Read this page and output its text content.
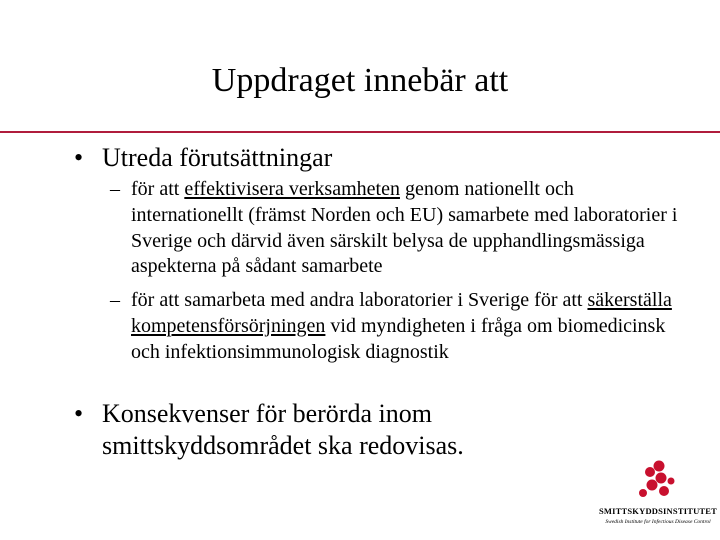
Uppdraget innebär att
• Utreda förutsättningar
– för att effektivisera verksamheten genom nationellt och internationellt (främst Norden och EU) samarbete med laboratorier i Sverige och därvid även särskilt belysa de upphandlingsmässiga aspekterna på sådant samarbete
– för att samarbeta med andra laboratorier i Sverige för att säkerställa kompetensförsörjningen vid myndigheten i fråga om biomedicinsk och infektionsimmunologisk diagnostik
• Konsekvenser för berörda inom smittskyddsområdet ska redovisas.
SMITTSKYDDSINSTITUTET
Swedish Institute for Infectious Disease Control
